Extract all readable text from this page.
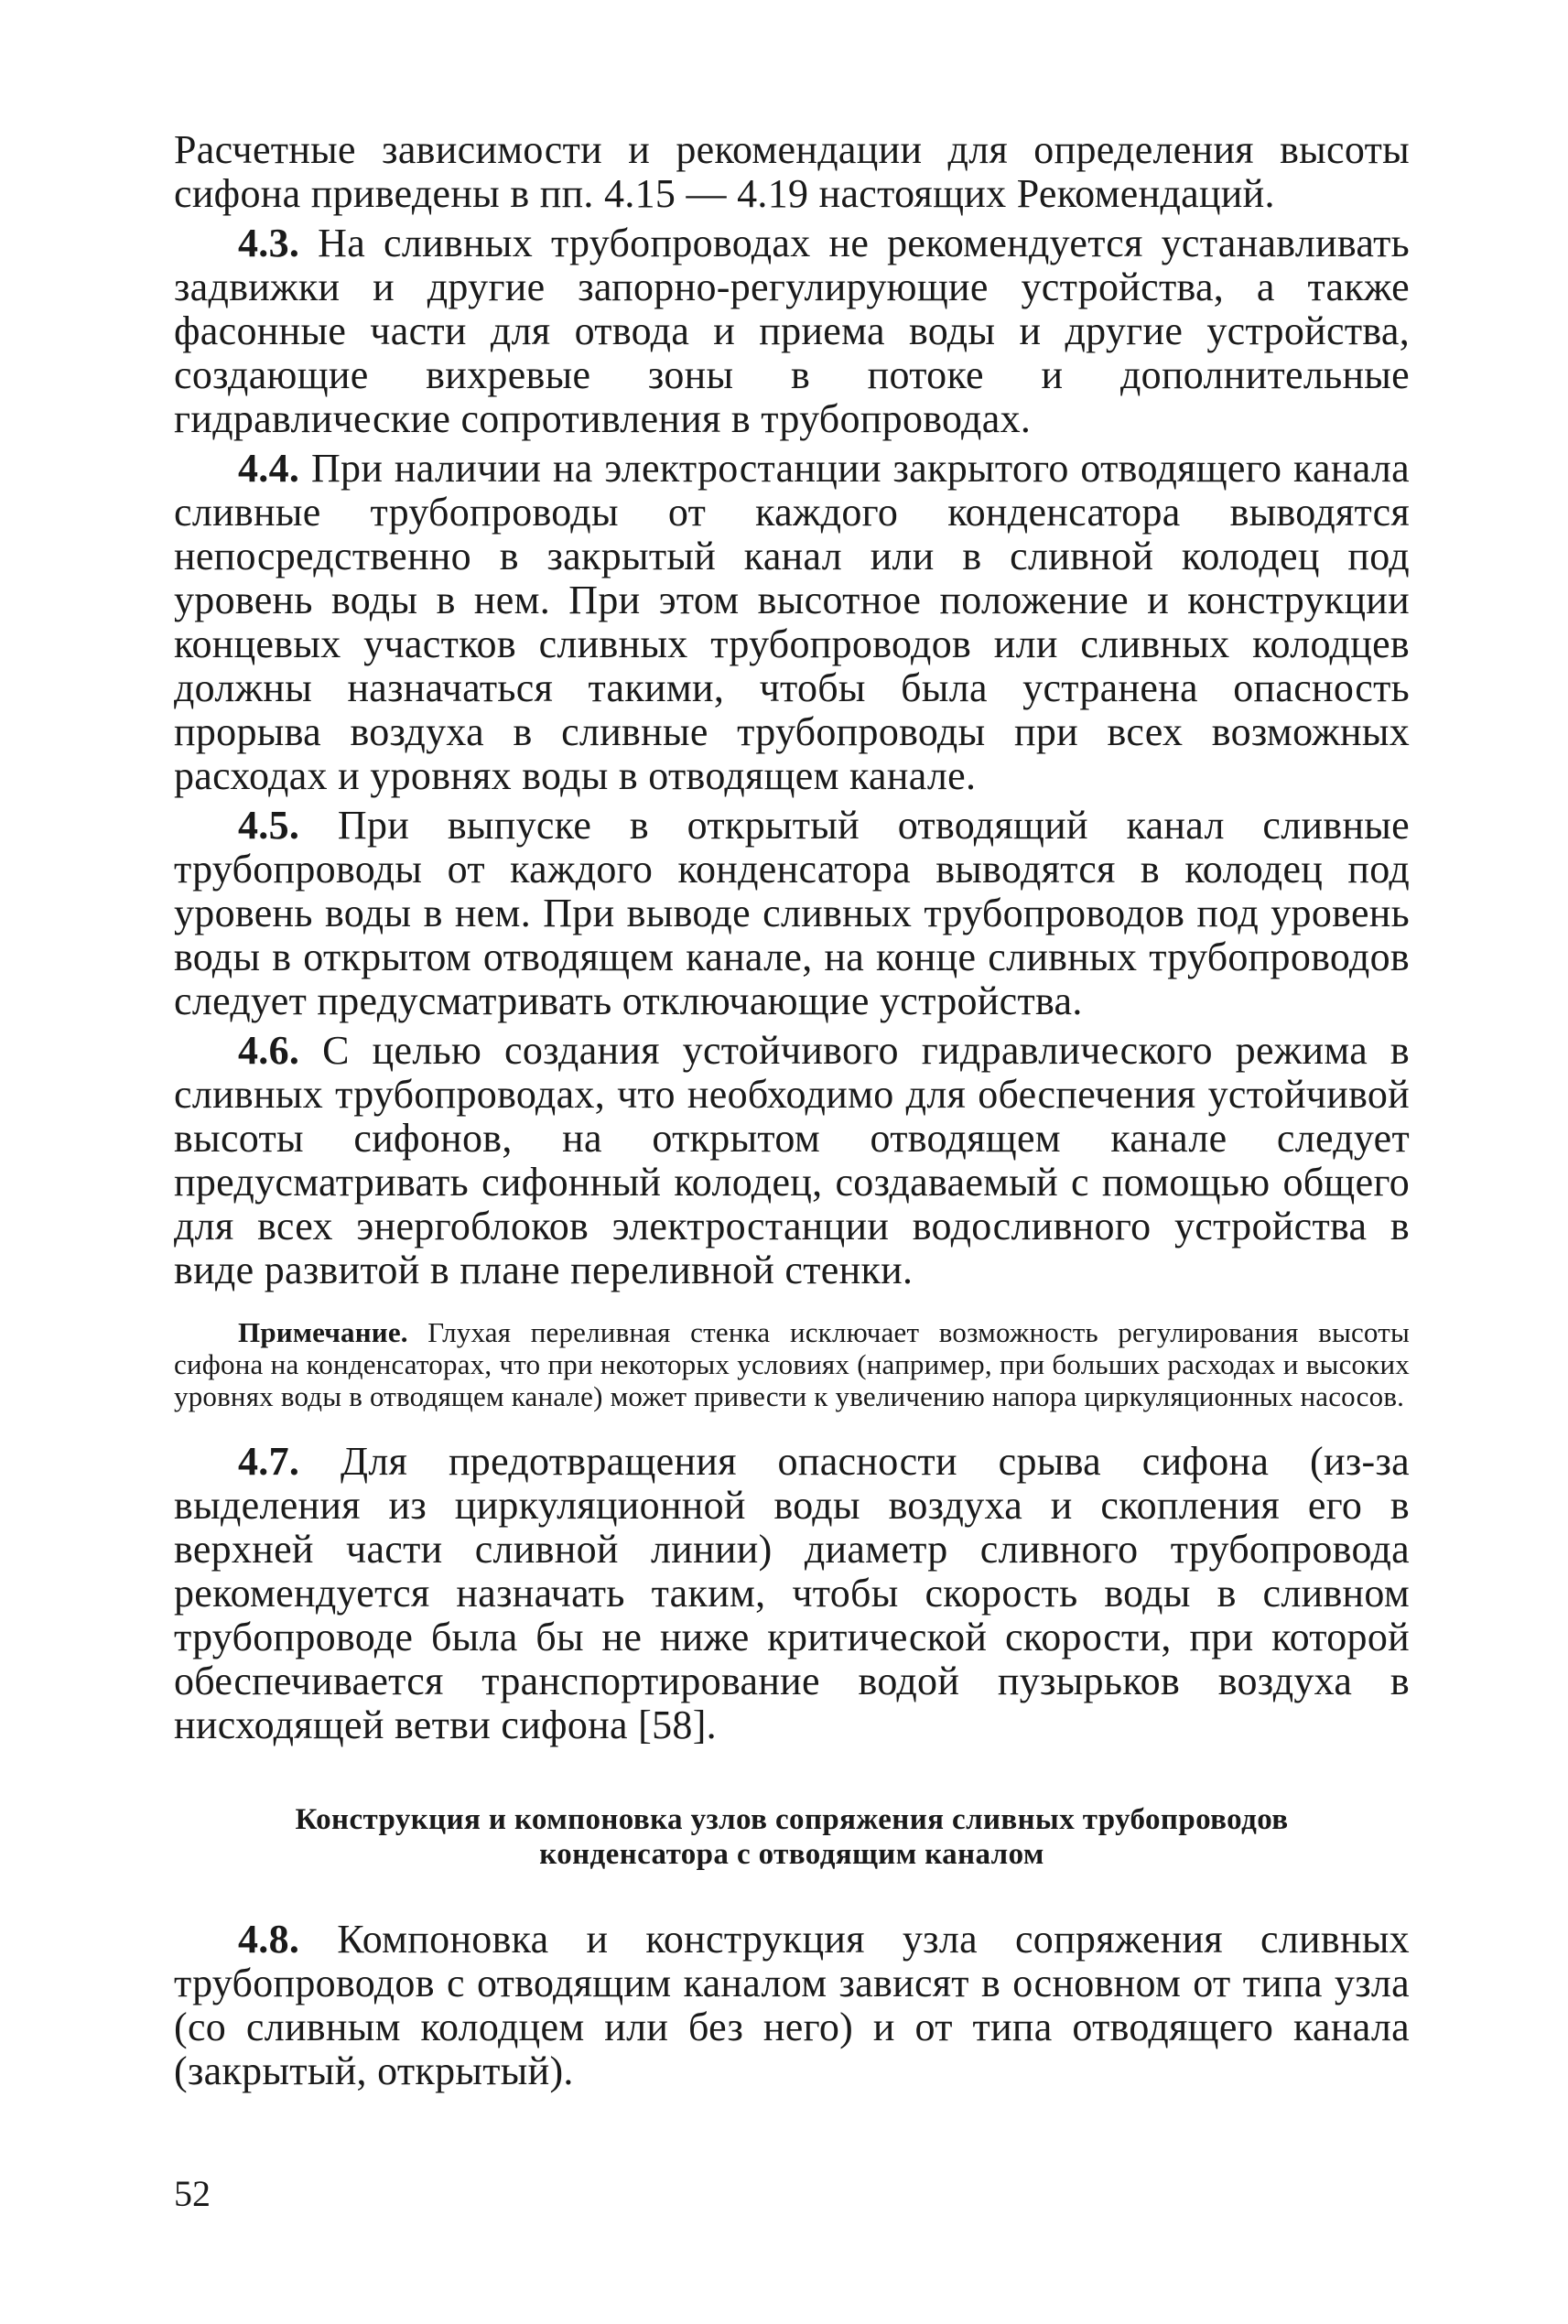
Расчетные зависимости и рекомендации для определения высоты сифона приведены в пп. 4.15 — 4.19 настоящих Рекомендаций.

4.3. На сливных трубопроводах не рекомендуется устанавливать задвижки и другие запорно-регулирующие устройства, а также фасонные части для отвода и приема воды и другие устройства, создающие вихревые зоны в потоке и дополнительные гидравлические сопротивления в трубопроводах.

4.4. При наличии на электростанции закрытого отводящего канала сливные трубопроводы от каждого конденсатора выводятся непосредственно в закрытый канал или в сливной колодец под уровень воды в нем. При этом высотное положение и конструкции концевых участков сливных трубопроводов или сливных колодцев должны назначаться такими, чтобы была устранена опасность прорыва воздуха в сливные трубопроводы при всех возможных расходах и уровнях воды в отводящем канале.

4.5. При выпуске в открытый отводящий канал сливные трубопроводы от каждого конденсатора выводятся в колодец под уровень воды в нем. При выводе сливных трубопроводов под уровень воды в открытом отводящем канале, на конце сливных трубопроводов следует предусматривать отключающие устройства.

4.6. С целью создания устойчивого гидравлического режима в сливных трубопроводах, что необходимо для обеспечения устойчивой высоты сифонов, на открытом отводящем канале следует предусматривать сифонный колодец, создаваемый с помощью общего для всех энергоблоков электростанции водосливного устройства в виде развитой в плане переливной стенки.

Примечание. Глухая переливная стенка исключает возможность регулирования высоты сифона на конденсаторах, что при некоторых условиях (например, при больших расходах и высоких уровнях воды в отводящем канале) может привести к увеличению напора циркуляционных насосов.

4.7. Для предотвращения опасности срыва сифона (из-за выделения из циркуляционной воды воздуха и скопления его в верхней части сливной линии) диаметр сливного трубопровода рекомендуется назначать таким, чтобы скорость воды в сливном трубопроводе была бы не ниже критической скорости, при которой обеспечивается транспортирование водой пузырьков воздуха в нисходящей ветви сифона [58].

Конструкция и компоновка узлов сопряжения сливных трубопроводов конденсатора с отводящим каналом

4.8. Компоновка и конструкция узла сопряжения сливных трубопроводов с отводящим каналом зависят в основном от типа узла (со сливным колодцем или без него) и от типа отводящего канала (закрытый, открытый).

52
